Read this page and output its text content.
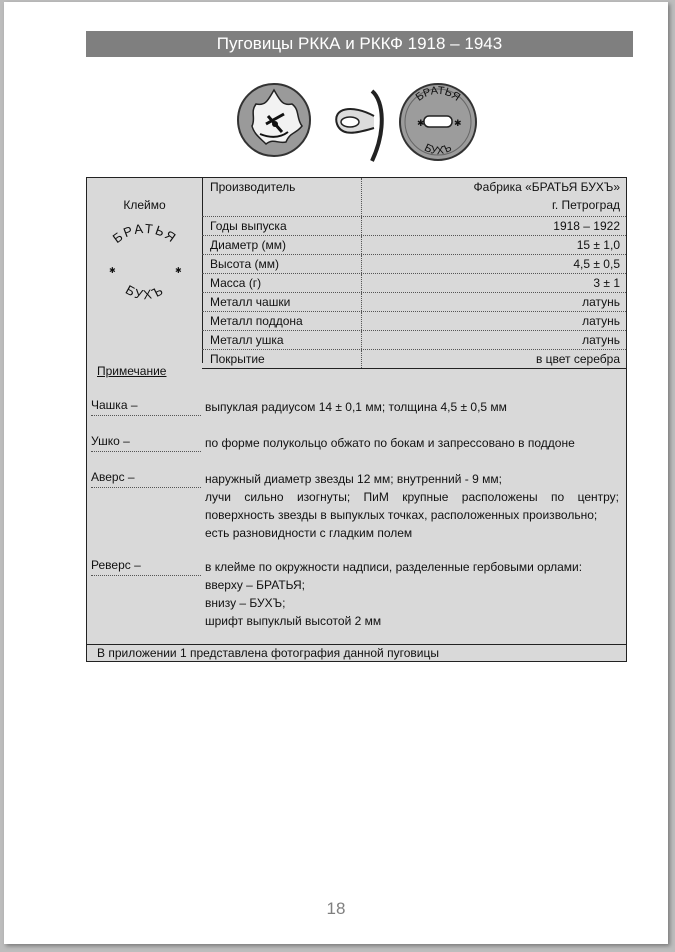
Пуговицы РККА и РККФ 1918 – 1943
БРАТЬЯ
БУХЪ
✱	✱
Клеймо
БРАТЬЯ
БУХЪ
✱	✱
Производитель	Фабрика «БРАТЬЯ БУХЪ»
г. Петроград
Годы выпуска	1918 – 1922
Диаметр (мм)	15 ± 1,0
Высота (мм)	4,5 ± 0,5
Масса (г)	3 ± 1
Металл чашки	латунь
Металл поддона	латунь
Металл ушка	латунь
Покрытие	в цвет серебра
Примечание
Чашка –	выпуклая радиусом 14 ± 0,1 мм; толщина 4,5 ± 0,5 мм
Ушко –	по форме полукольцо обжато по бокам и запрессовано в поддоне
Аверс –	наружный диаметр звезды 12 мм; внутренний - 9 мм;
лучи сильно изогнуты; ПиМ крупные расположены по центру; поверхность звезды в выпуклых точках, расположенных произвольно;
есть разновидности с гладким полем
Реверс –	в клейме по окружности надписи, разделенные гербовыми орлами:
вверху – БРАТЬЯ;
внизу – БУХЪ;
шрифт выпуклый высотой 2 мм
В приложении 1 представлена фотография данной пуговицы
18
